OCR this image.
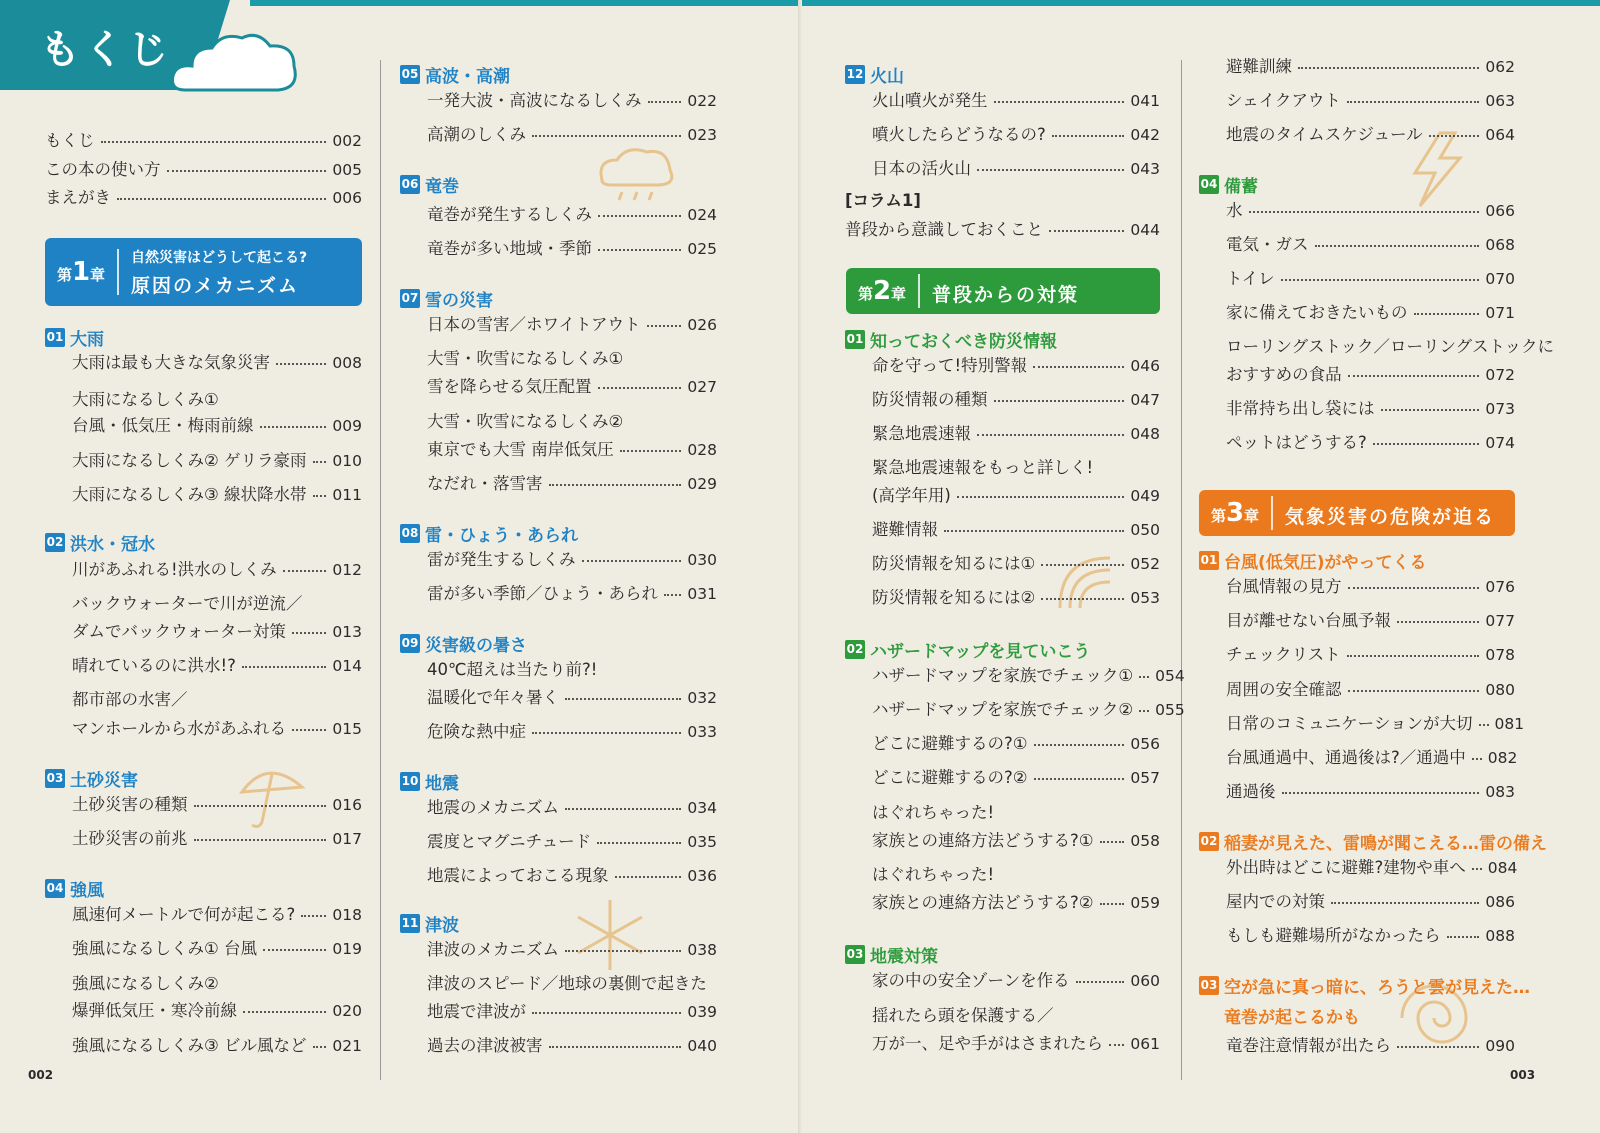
もくじ
第1章
自然災害はどうして起こる?
原因のメカニズム	第2章	普段からの対策
第3章	気象災害の危険が迫る
もくじ	002
この本の使い方	005
まえがき	006
01 大雨
大雨は最も大きな気象災害	008
大雨になるしくみ①
台風・低気圧・梅雨前線	009
大雨になるしくみ② ゲリラ豪雨 010
大雨になるしくみ③ 線状降水帯 011
02 洪水・冠水
川があふれる!洪水のしくみ	012
バックウォーターで川が逆流／
ダムでバックウォーター対策	013
晴れているのに洪水!?	014
都市部の水害／
マンホールから水があふれる	015
03 土砂災害
土砂災害の種類	016
土砂災害の前兆	017
04 強風
風速何メートルで何が起こる? 018
強風になるしくみ① 台風	019
強風になるしくみ②
爆弾低気圧・寒冷前線	020
強風になるしくみ③ ビル風など 021
05 高波・高潮
一発大波・高波になるしくみ	022
高潮のしくみ	023
06 竜巻
竜巻が発生するしくみ	024
竜巻が多い地域・季節	025
07 雪の災害
日本の雪害／ホワイトアウト	026
大雪・吹雪になるしくみ①
雪を降らせる気圧配置	027
大雪・吹雪になるしくみ②
東京でも大雪 南岸低気圧	028
なだれ・落雪害	029
08 雷・ひょう・あられ
雷が発生するしくみ	030
雷が多い季節／ひょう・あられ 031
09 災害級の暑さ
40℃超えは当たり前?!
温暖化で年々暑く	032
危険な熱中症	033
10 地震
地震のメカニズム	034
震度とマグニチュード	035
地震によっておこる現象	036
11 津波
津波のメカニズム	038
津波のスピード／地球の裏側で起きた
地震で津波が	039
過去の津波被害	040
12 火山
火山噴火が発生	041
噴火したらどうなるの?	042
日本の活火山	043
[コラム1]
普段から意識しておくこと	044
01 知っておくべき防災情報
命を守って!特別警報	046
防災情報の種類	047
緊急地震速報	048
緊急地震速報をもっと詳しく!
(高学年用)	049
避難情報	050
防災情報を知るには①	052
防災情報を知るには②	053
02 ハザードマップを見ていこう
ハザードマップを家族でチェック① 054
ハザードマップを家族でチェック② 055
どこに避難するの?①	056
どこに避難するの?②	057
はぐれちゃった!
家族との連絡方法どうする?① 058
はぐれちゃった!
家族との連絡方法どうする?② 059
03 地震対策
家の中の安全ゾーンを作る	060
揺れたら頭を保護する／
万が一、足や手がはさまれたら 061
避難訓練	062
シェイクアウト	063
地震のタイムスケジュール	064
04 備蓄
水	066
電気・ガス	068
トイレ	070
家に備えておきたいもの	071
ローリングストック／ローリングストックに
おすすめの食品	072
非常持ち出し袋には	073
ペットはどうする?	074
01 台風(低気圧)がやってくる
台風情報の見方	076
目が離せない台風予報	077
チェックリスト	078
周囲の安全確認	080
日常のコミュニケーションが大切 081
台風通過中、通過後は?／通過中 082
通過後	083
02 稲妻が見えた、雷鳴が聞こえる…雷の備え
外出時はどこに避難?建物や車へ 084
屋内での対策	086
もしも避難場所がなかったら	088
03 空が急に真っ暗に、ろうと雲が見えた…
竜巻が起こるかも
竜巻注意情報が出たら	090
002	003
